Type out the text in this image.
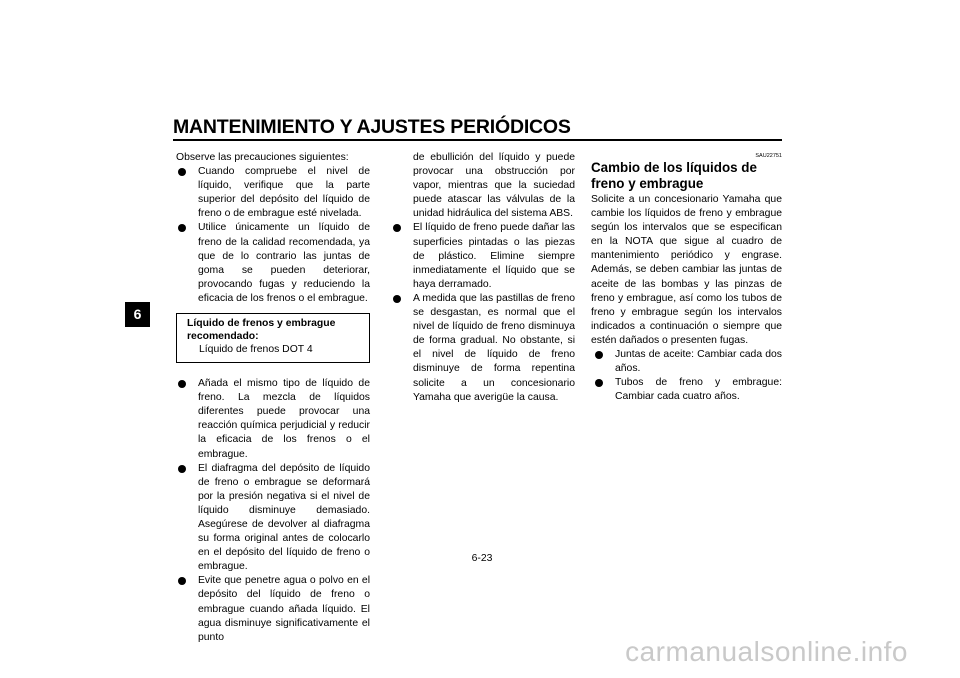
MANTENIMIENTO Y AJUSTES PERIÓDICOS
6

Observe las precauciones siguientes:

Cuando compruebe el nivel de líquido, verifique que la parte superior del depósito del líquido de freno o de embrague esté nivelada.
Utilice únicamente un líquido de freno de la calidad recomendada, ya que de lo contrario las juntas de goma se pueden deteriorar, provocando fugas y reduciendo la eficacia de los frenos o el embrague.
Líquido de frenos y embrague recomendado:
Líquido de frenos DOT 4
Añada el mismo tipo de líquido de freno. La mezcla de líquidos diferentes puede provocar una reacción química perjudicial y reducir la eficacia de los frenos o el embrague.
El diafragma del depósito de líquido de freno o embrague se deformará por la presión negativa si el nivel de líquido disminuye demasiado. Asegúrese de devolver al diafragma su forma original antes de colocarlo en el depósito del líquido de freno o embrague.
Evite que penetre agua o polvo en el depósito del líquido de freno o embrague cuando añada líquido. El agua disminuye significativamente el punto
de ebullición del líquido y puede provocar una obstrucción por vapor, mientras que la suciedad puede atascar las válvulas de la unidad hidráulica del sistema ABS.
El líquido de freno puede dañar las superficies pintadas o las piezas de plástico. Elimine siempre inmediatamente el líquido que se haya derramado.
A medida que las pastillas de freno se desgastan, es normal que el nivel de líquido de freno disminuya de forma gradual. No obstante, si el nivel de líquido de freno disminuye de forma repentina solicite a un concesionario Yamaha que averigüe la causa.
SAU22751
Cambio de los líquidos de freno y embrague

Solicite a un concesionario Yamaha que cambie los líquidos de freno y embrague según los intervalos que se especifican en la NOTA que sigue al cuadro de mantenimiento periódico y engrase. Además, se deben cambiar las juntas de aceite de las bombas y las pinzas de freno y embrague, así como los tubos de freno y embrague según los intervalos indicados a continuación o siempre que estén dañados o presenten fugas.

Juntas de aceite: Cambiar cada dos años.
Tubos de freno y embrague: Cambiar cada cuatro años.
6-23
carmanualsonline.info
